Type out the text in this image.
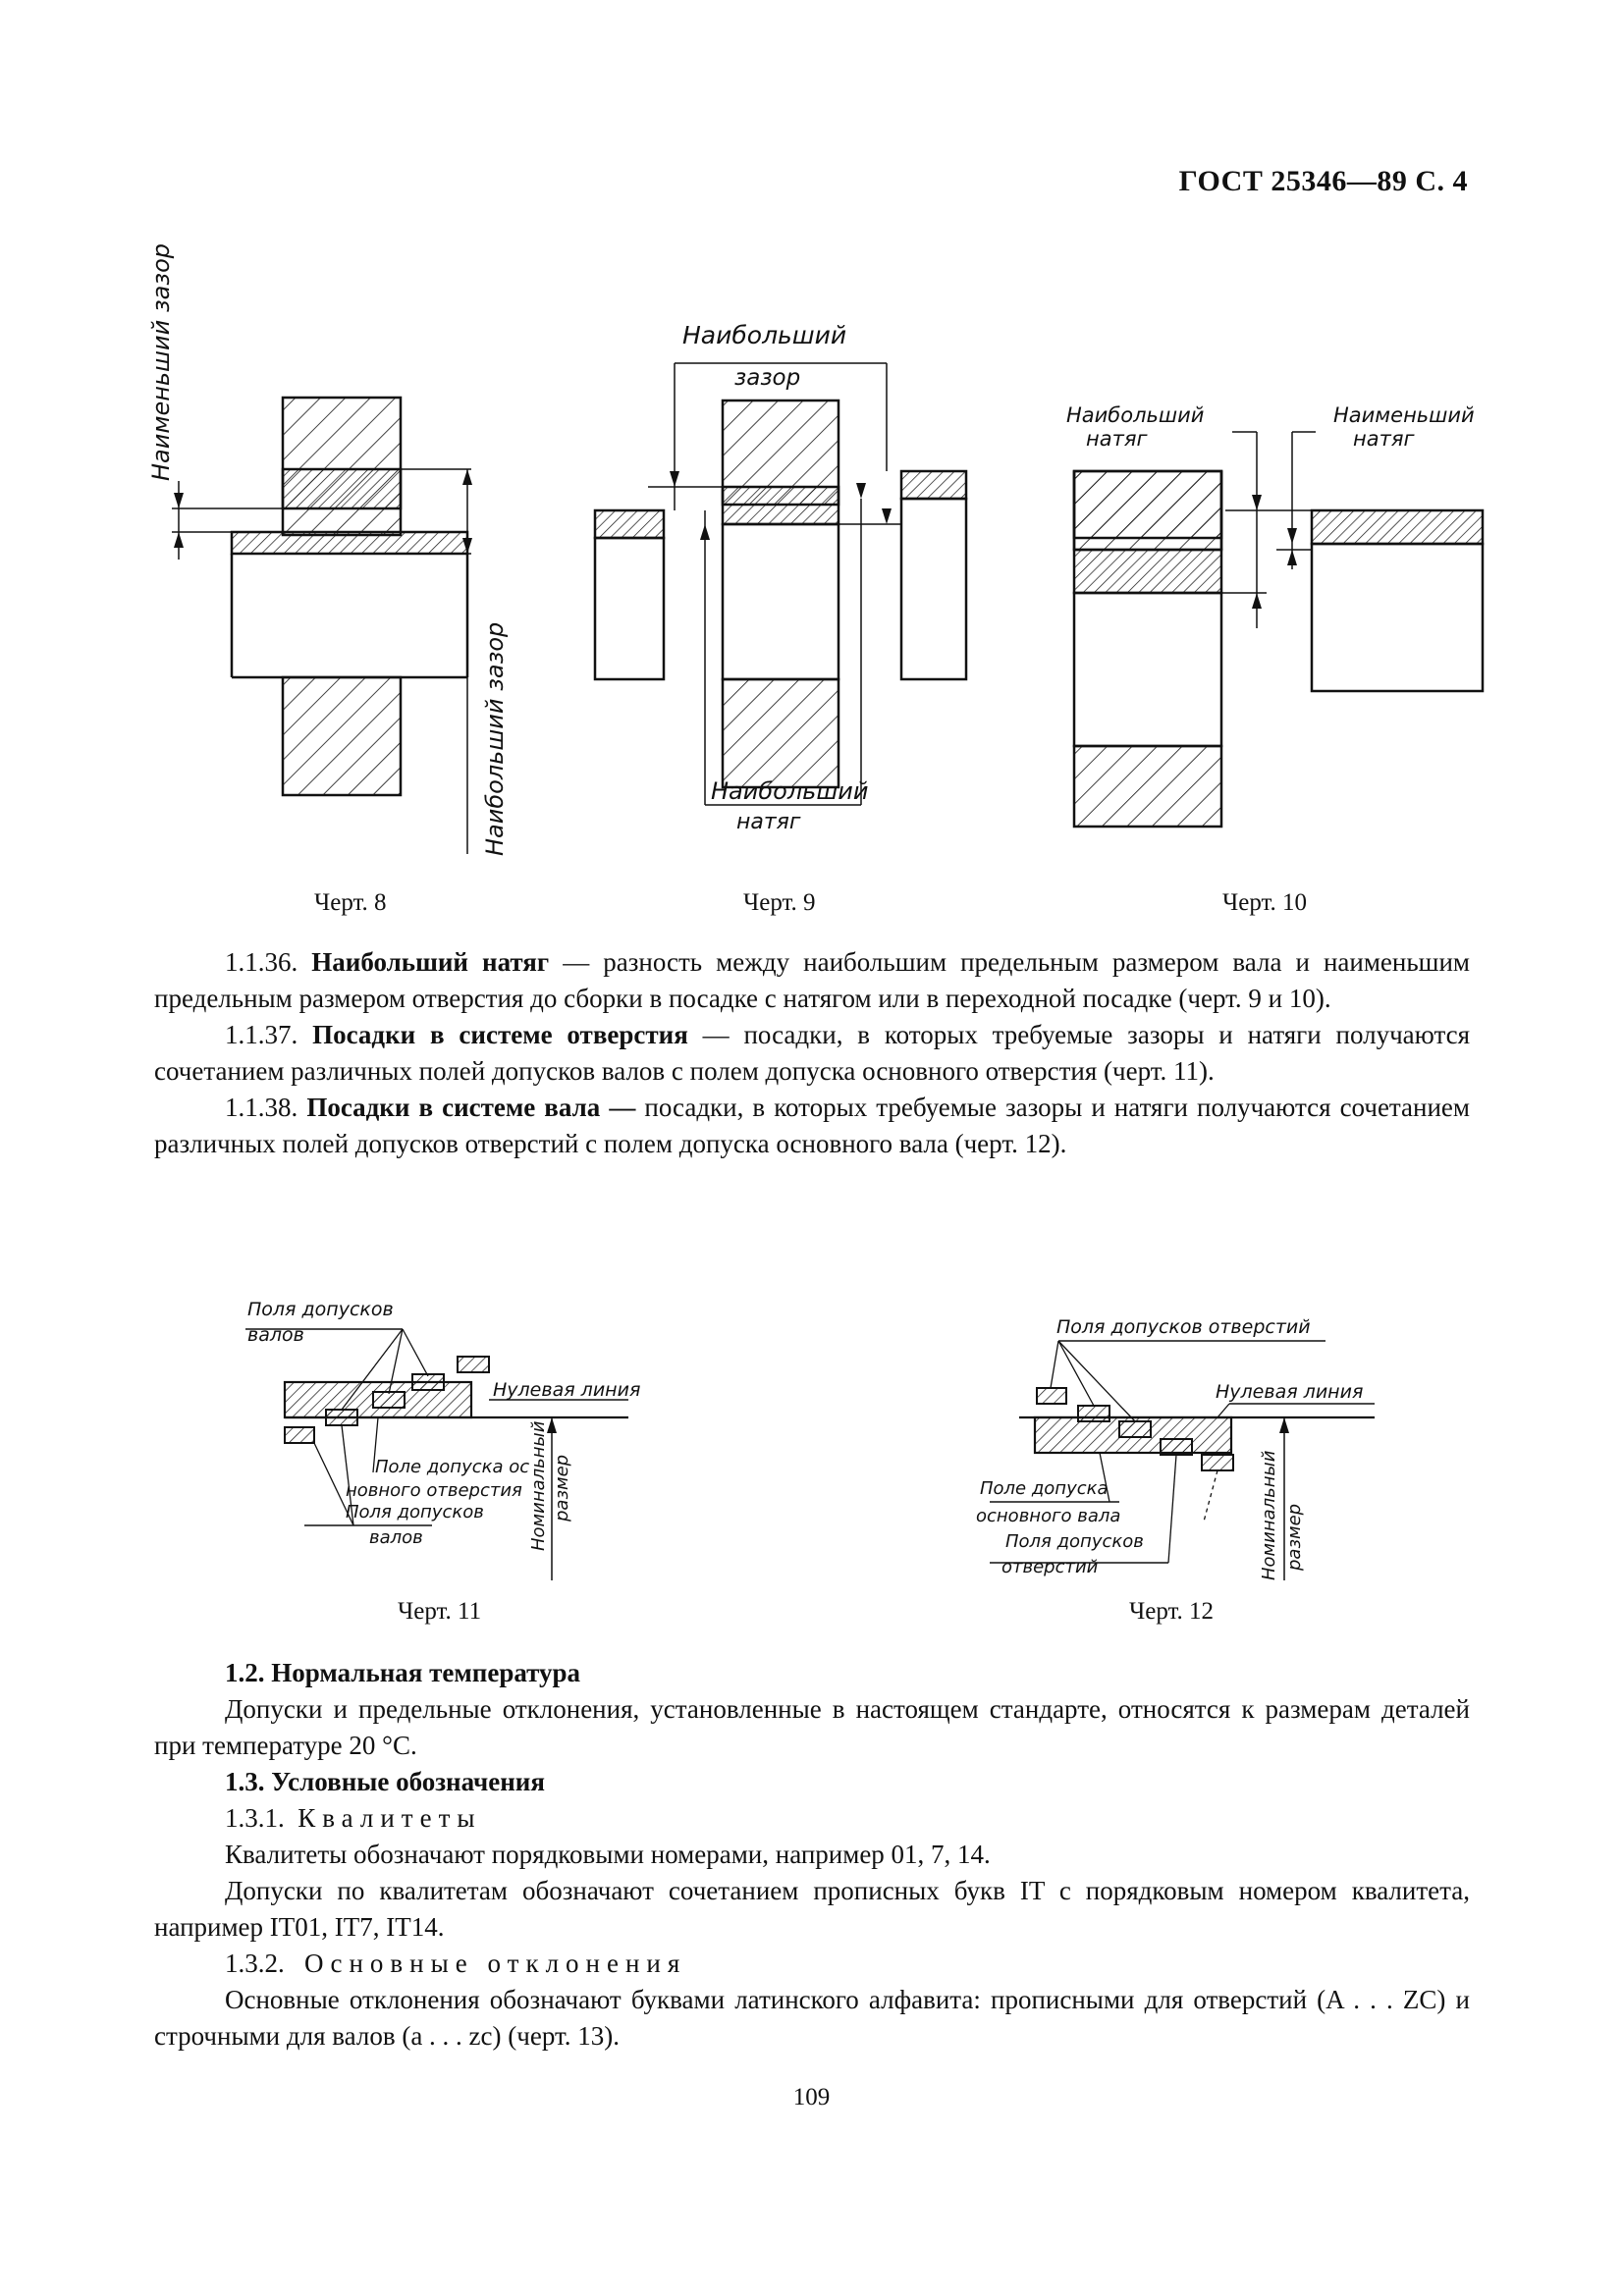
ГОСТ 25346—89 С. 4
Наименьший зазор
Наибольший зазор
Черт. 8
Наибольший
зазор
Наибольший
натяг
Черт. 9
Наибольший
натяг
Наименьший
натяг
Черт. 10

1.1.36. Наибольший натяг — разность между наибольшим предельным размером вала и наименьшим предельным размером отверстия до сборки в посадке с натягом или в переходной посадке (черт. 9 и 10).

1.1.37. Посадки в системе отверстия — посадки, в которых требуемые зазоры и натяги получаются сочетанием различных полей допусков валов с полем допуска основного отверстия (черт. 11).

1.1.38. Посадки в системе вала — посадки, в которых требуемые зазоры и натяги получаются сочетанием различных полей допусков отверстий с полем допуска основного вала (черт. 12).

Поля допусков
валов
Нулевая линия
Поле допуска ос
новного отверстия
Поля допусков
валов	Номинальный размер
Черт. 11
Поля допусков отверстий
Нулевая линия
Поле допуска
основного вала
Поля допусков
отверстий	Номинальный размер
Черт. 12

1.2. Нормальная температура

Допуски и предельные отклонения, установленные в настоящем стандарте, относятся к размерам деталей при температуре 20 °С.

1.3. Условные обозначения

1.3.1. Квалитеты

Квалитеты обозначают порядковыми номерами, например 01, 7, 14.

Допуски по квалитетам обозначают сочетанием прописных букв IT с порядковым номером квалитета, например IT01, IT7, IT14.

1.3.2. Основные отклонения

Основные отклонения обозначают буквами латинского алфавита: прописными для отверстий (A . . . ZC) и строчными для валов (a . . . zc) (черт. 13).

109
